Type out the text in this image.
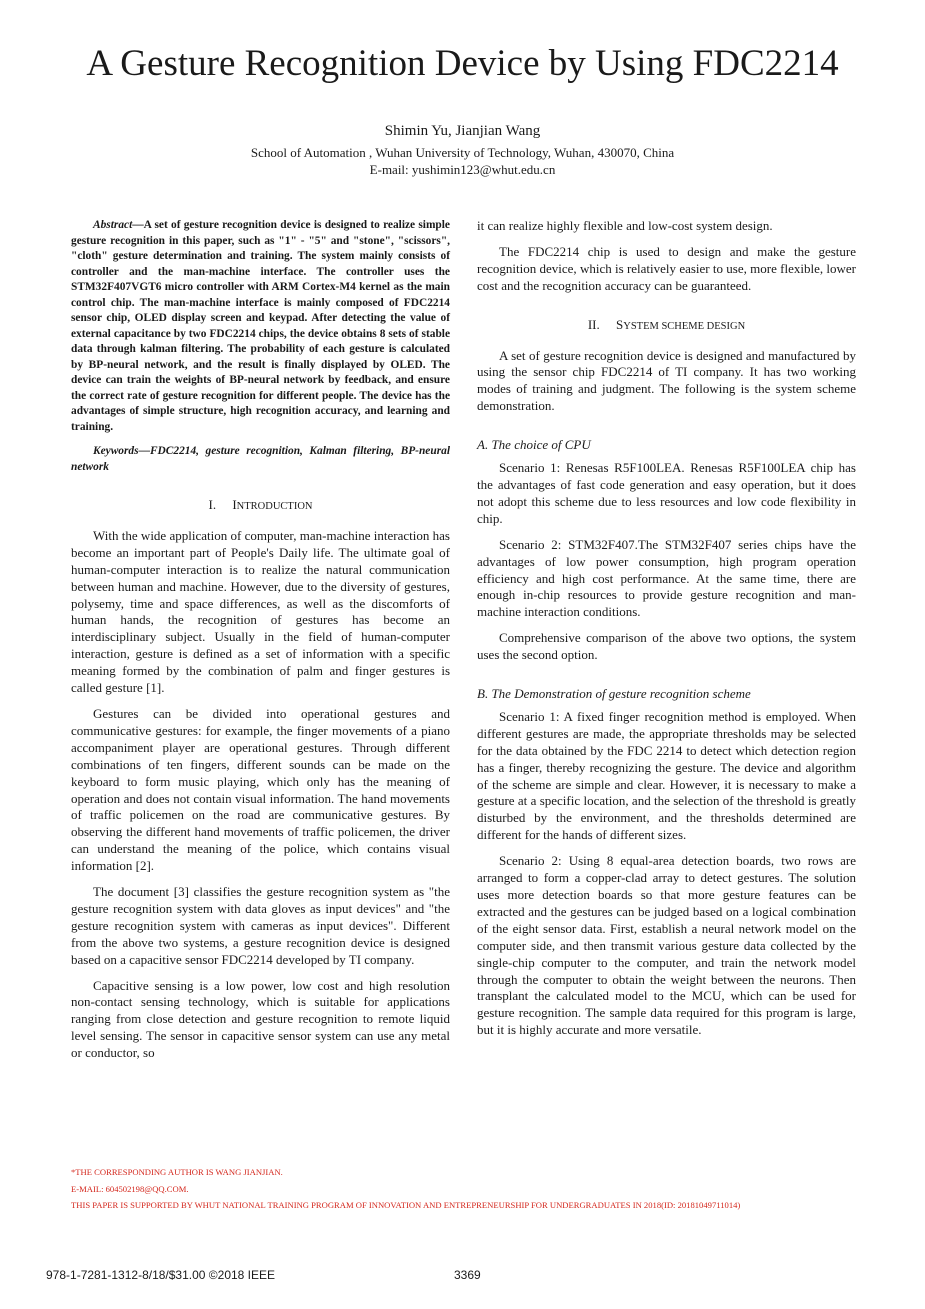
A Gesture Recognition Device by Using FDC2214
Shimin Yu, Jianjian Wang
School of Automation , Wuhan University of Technology, Wuhan, 430070, China
E-mail: yushimin123@whut.edu.cn

Abstract—A set of gesture recognition device is designed to realize simple gesture recognition in this paper, such as "1" - "5" and "stone", "scissors", "cloth" gesture determination and training. The system mainly consists of controller and the man-machine interface. The controller uses the STM32F407VGT6 micro controller with ARM Cortex-M4 kernel as the main control chip. The man-machine interface is mainly composed of FDC2214 sensor chip, OLED display screen and keypad. After detecting the value of external capacitance by two FDC2214 chips, the device obtains 8 sets of stable data through kalman filtering. The probability of each gesture is calculated by BP-neural network, and the result is finally displayed by OLED. The device can train the weights of BP-neural network by feedback, and ensure the correct rate of gesture recognition for different people. The device has the advantages of simple structure, high recognition accuracy, and learning and training.

Keywords—FDC2214, gesture recognition, Kalman filtering, BP-neural network

I. INTRODUCTION

With the wide application of computer, man-machine interaction has become an important part of People's Daily life. The ultimate goal of human-computer interaction is to realize the natural communication between human and machine. However, due to the diversity of gestures, polysemy, time and space differences, as well as the discomforts of human hands, the recognition of gestures has become an interdisciplinary subject. Usually in the field of human-computer interaction, gesture is defined as a set of information with a specific meaning formed by the combination of palm and finger gestures is called gesture [1].

Gestures can be divided into operational gestures and communicative gestures: for example, the finger movements of a piano accompaniment player are operational gestures. Through different combinations of ten fingers, different sounds can be made on the keyboard to form music playing, which only has the meaning of operation and does not contain visual information. The hand movements of traffic policemen on the road are communicative gestures. By observing the different hand movements of traffic policemen, the driver can understand the meaning of the police, which contains visual information [2].

The document [3] classifies the gesture recognition system as "the gesture recognition system with data gloves as input devices" and "the gesture recognition system with cameras as input devices". Different from the above two systems, a gesture recognition device is designed based on a capacitive sensor FDC2214 developed by TI company.

Capacitive sensing is a low power, low cost and high resolution non-contact sensing technology, which is suitable for applications ranging from close detection and gesture recognition to remote liquid level sensing. The sensor in capacitive sensor system can use any metal or conductor, so

it can realize highly flexible and low-cost system design.

The FDC2214 chip is used to design and make the gesture recognition device, which is relatively easier to use, more flexible, lower cost and the recognition accuracy can be guaranteed.

II. SYSTEM SCHEME DESIGN

A set of gesture recognition device is designed and manufactured by using the sensor chip FDC2214 of TI company. It has two working modes of training and judgment. The following is the system scheme demonstration.

A. The choice of CPU

Scenario 1: Renesas R5F100LEA. Renesas R5F100LEA chip has the advantages of fast code generation and easy operation, but it does not adopt this scheme due to less resources and low code flexibility in chip.

Scenario 2: STM32F407.The STM32F407 series chips have the advantages of low power consumption, high program operation efficiency and high cost performance. At the same time, there are enough in-chip resources to provide gesture recognition and man-machine interaction conditions.

Comprehensive comparison of the above two options, the system uses the second option.

B. The Demonstration of gesture recognition scheme

Scenario 1: A fixed finger recognition method is employed. When different gestures are made, the appropriate thresholds may be selected for the data obtained by the FDC 2214 to detect which detection region has a finger, thereby recognizing the gesture. The device and algorithm of the scheme are simple and clear. However, it is necessary to make a gesture at a specific location, and the selection of the threshold is greatly disturbed by the environment, and the thresholds determined are different for the hands of different sizes.

Scenario 2: Using 8 equal-area detection boards, two rows are arranged to form a copper-clad array to detect gestures. The solution uses more detection boards so that more gesture features can be extracted and the gestures can be judged based on a logical combination of the eight sensor data. First, establish a neural network model on the computer side, and then transmit various gesture data collected by the single-chip computer to the computer, and train the network model through the computer to obtain the weight between the neurons. Then transplant the calculated model to the MCU, which can be used for gesture recognition. The sample data required for this program is large, but it is highly accurate and more versatile.

*THE CORRESPONDING AUTHOR IS WANG JIANJIAN.
E-MAIL: 604502198@QQ.COM.
THIS PAPER IS SUPPORTED BY WHUT NATIONAL TRAINING PROGRAM OF INNOVATION AND ENTREPRENEURSHIP FOR UNDERGRADUATES IN 2018(ID: 20181049711014)
978-1-7281-1312-8/18/$31.00 ©2018 IEEE	3369
